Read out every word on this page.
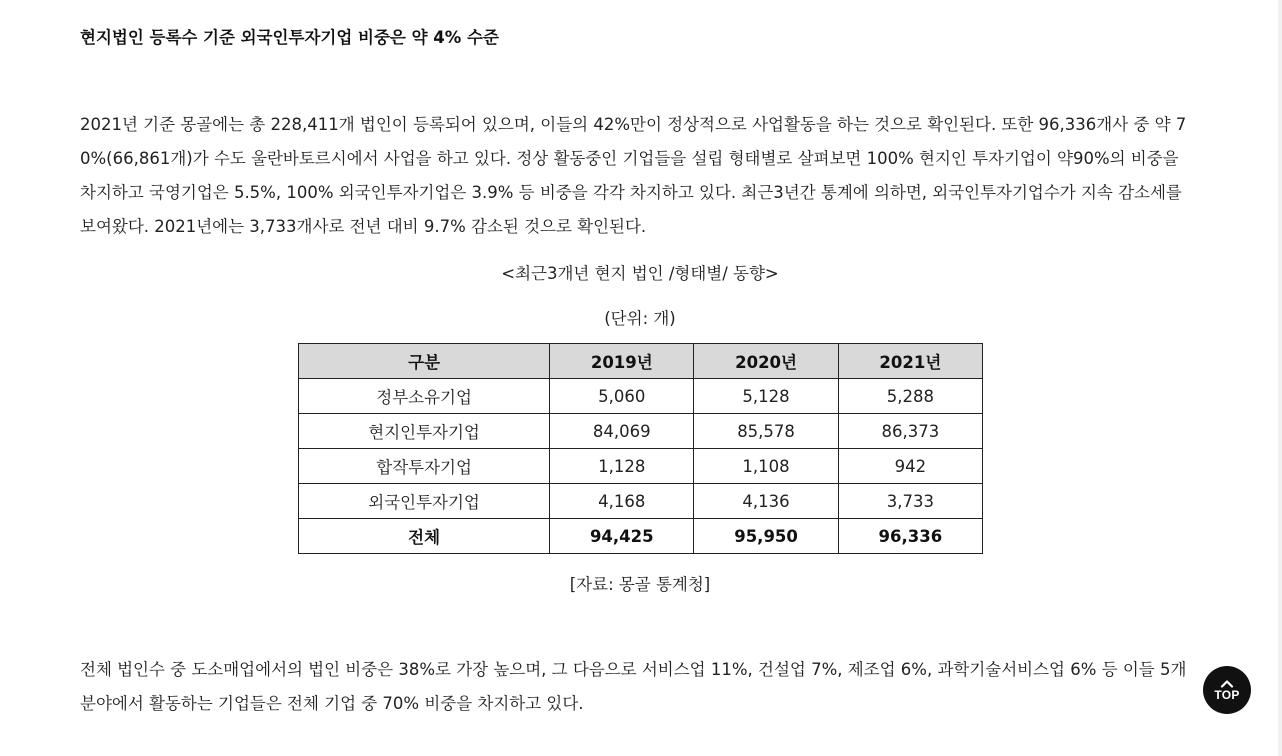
현지법인 등록수 기준 외국인투자기업 비중은 약 4% 수준
2021년 기준 몽골에는 총 228,411개 법인이 등록되어 있으며, 이들의 42%만이 정상적으로 사업활동을 하는 것으로 확인된다. 또한 96,336개사 중 약 70%(66,861개)가 수도 울란바토르시에서 사업을 하고 있다. 정상 활동중인 기업들을 설립 형태별로 살펴보면 100% 현지인 투자기업이 약90%의 비중을 차지하고 국영기업은 5.5%, 100% 외국인투자기업은 3.9% 등 비중을 각각 차지하고 있다. 최근3년간 통계에 의하면, 외국인투자기업수가 지속 감소세를 보여왔다. 2021년에는 3,733개사로 전년 대비 9.7% 감소된 것으로 확인된다.
<최근3개년 현지 법인 /형태별/ 동향>
(단위: 개)
구분	2019년	2020년	2021년
정부소유기업	5,060	5,128	5,288
현지인투자기업	84,069	85,578	86,373
합작투자기업	1,128	1,108	942
외국인투자기업	4,168	4,136	3,733
전체	94,425	95,950	96,336
[자료: 몽골 통계청]
전체 법인수 중 도소매업에서의 법인 비중은 38%로 가장 높으며, 그 다음으로 서비스업 11%, 건설업 7%, 제조업 6%, 과학기술서비스업 6% 등 이들 5개 분야에서 활동하는 기업들은 전체 기업 중 70% 비중을 차지하고 있다.	TOP
